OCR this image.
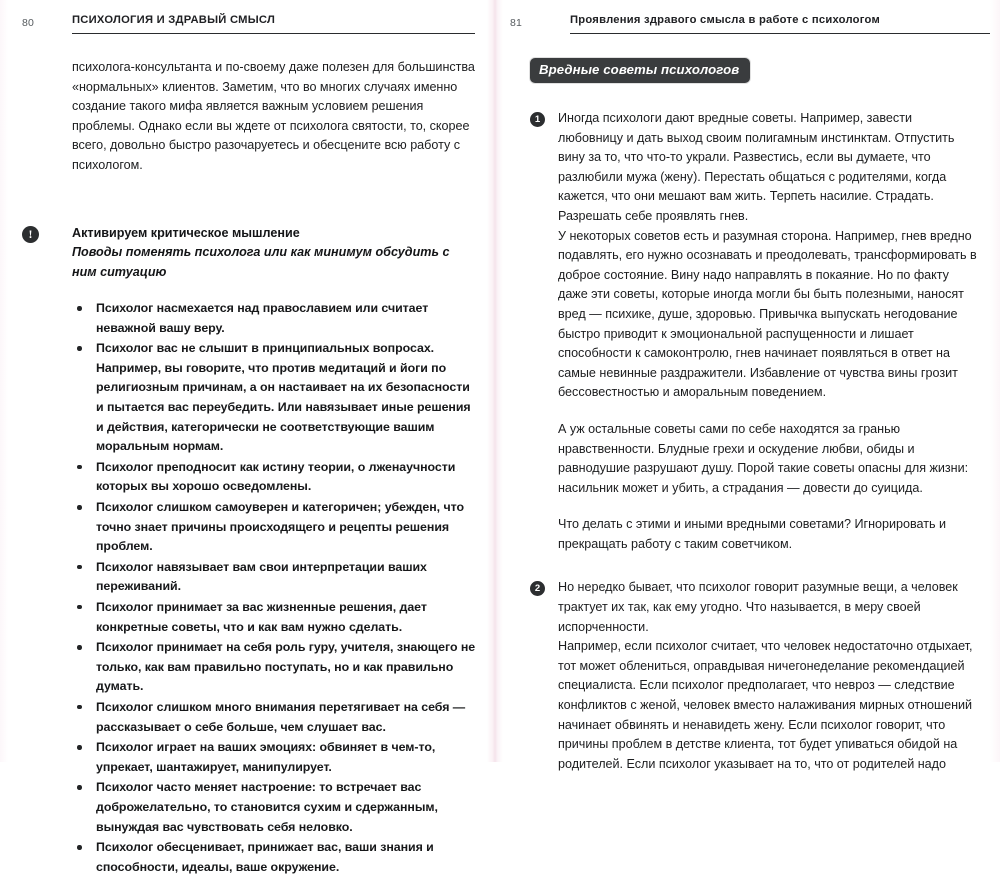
80	ПСИХОЛОГИЯ И ЗДРАВЫЙ СМЫСЛ

психолога-консультанта и по-своему даже полезен для большинства «нормальных» клиентов. Заметим, что во многих случаях именно создание такого мифа является важным условием решения проблемы. Однако если вы ждете от психолога святости, то, скорее всего, довольно быстро разочаруетесь и обесцените всю работу с психологом.

!	Активируем критическое мышление
Поводы поменять психолога или как минимум обсудить с ним ситуацию
Психолог насмехается над православием или считает неважной вашу веру.
Психолог вас не слышит в принципиальных вопросах. Например, вы говорите, что против медитаций и йоги по религиозным причинам, а он настаивает на их безопасности и пытается вас переубедить. Или навязывает иные решения и действия, категорически не соответствующие вашим моральным нормам.
Психолог преподносит как истину теории, о лженаучности которых вы хорошо осведомлены.
Психолог слишком самоуверен и категоричен; убежден, что точно знает причины происходящего и рецепты решения проблем.
Психолог навязывает вам свои интерпретации ваших переживаний.
Психолог принимает за вас жизненные решения, дает конкретные советы, что и как вам нужно сделать.
Психолог принимает на себя роль гуру, учителя, знающего не только, как вам правильно поступать, но и как правильно думать.
Психолог слишком много внимания перетягивает на себя — рассказывает о себе больше, чем слушает вас.
Психолог играет на ваших эмоциях: обвиняет в чем-то, упрекает, шантажирует, манипулирует.
Психолог часто меняет настроение: то встречает вас доброжелательно, то становится сухим и сдержанным, вынуждая вас чувствовать себя неловко.
Психолог обесценивает, принижает вас, ваши знания и способности, идеалы, ваше окружение.
81	Проявления здравого смысла в работе с психологом
Вредные советы психологов
1	Иногда психологи дают вредные советы. Например, завести любовницу и дать выход своим полигамным инстинктам. Отпустить вину за то, что что-то украли. Развестись, если вы думаете, что разлюбили мужа (жену). Перестать общаться с родителями, когда кажется, что они мешают вам жить. Терпеть насилие. Страдать. Разрешать себе проявлять гнев.

У некоторых советов есть и разумная сторона. Например, гнев вредно подавлять, его нужно осознавать и преодолевать, трансформировать в доброе состояние. Вину надо направлять в покаяние. Но по факту даже эти советы, которые иногда могли бы быть полезными, наносят вред — психике, душе, здоровью. Привычка выпускать негодование быстро приводит к эмоциональной распущенности и лишает способности к самоконтролю, гнев начинает появляться в ответ на самые невинные раздражители. Избавление от чувства вины грозит бессовестностью и аморальным поведением.

А уж остальные советы сами по себе находятся за гранью нравственности. Блудные грехи и оскудение любви, обиды и равнодушие разрушают душу. Порой такие советы опасны для жизни: насильник может и убить, а страдания — довести до суицида.

Что делать с этими и иными вредными советами? Игнорировать и прекращать работу с таким советчиком.

2	Но нередко бывает, что психолог говорит разумные вещи, а человек трактует их так, как ему угодно. Что называется, в меру своей испорченности.

Например, если психолог считает, что человек недостаточно отдыхает, тот может облениться, оправдывая ничегонеделание рекомендацией специалиста. Если психолог предполагает, что невроз — следствие конфликтов с женой, человек вместо налаживания мирных отношений начинает обвинять и ненавидеть жену. Если психолог говорит, что причины проблем в детстве клиента, тот будет упиваться обидой на родителей. Если психолог указывает на то, что от родителей надо
